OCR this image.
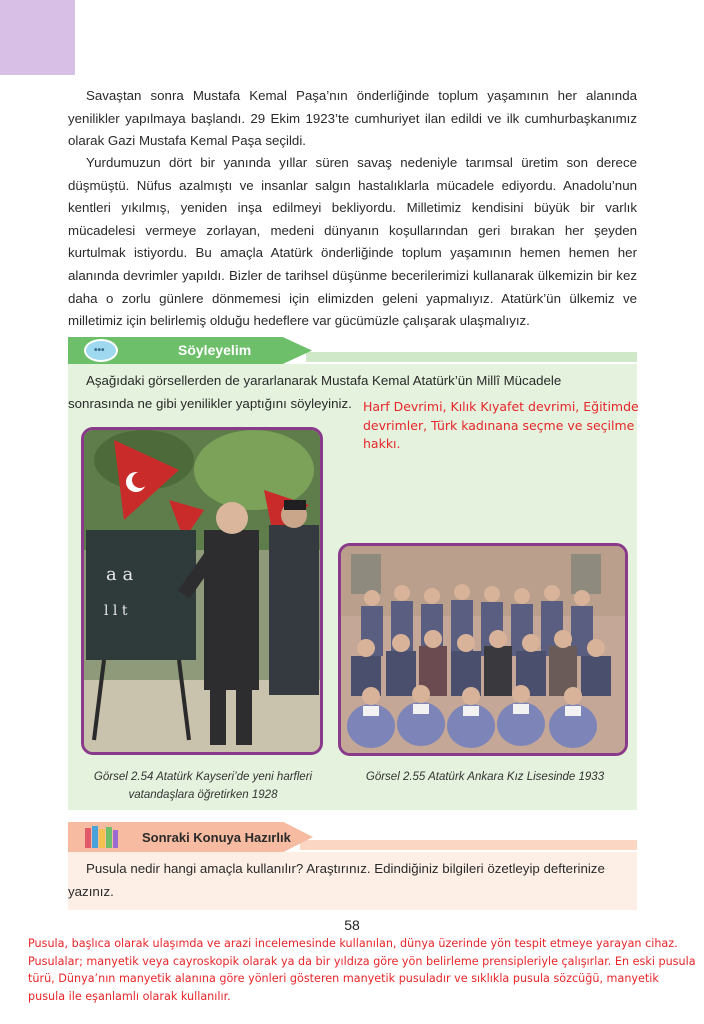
Savaştan sonra Mustafa Kemal Paşa’nın önderliğinde toplum yaşamının her alanında yenilikler yapılmaya başlandı. 29 Ekim 1923’te cumhuriyet ilan edildi ve ilk cumhurbaşkanımız olarak Gazi Mustafa Kemal Paşa seçildi.

Yurdumuzun dört bir yanında yıllar süren savaş nedeniyle tarımsal üretim son derece düşmüştü. Nüfus azalmıştı ve insanlar salgın hastalıklarla mücadele ediyordu. Anadolu’nun kentleri yıkılmış, yeniden inşa edilmeyi bekliyordu. Milletimiz kendisini büyük bir varlık mücadelesi vermeye zorlayan, medeni dünyanın koşullarından geri bırakan her şeyden kurtulmak istiyordu. Bu amaçla Atatürk önderliğinde toplum yaşamının hemen hemen her alanında devrimler yapıldı. Bizler de tarihsel düşünme becerilerimizi kullanarak ülkemizin bir kez daha o zorlu günlere dönmemesi için elimizden geleni yapmalıyız. Atatürk’ün ülkemiz ve milletimiz için belirlemiş olduğu hedeflere var gücümüzle çalışarak ulaşmalıyız.

•••	Söyleyelim

Aşağıdaki görsellerden de yararlanarak Mustafa Kemal Atatürk’ün Millî Mücadele sonrasında ne gibi yenilikler yaptığını söyleyiniz. Harf Devrimi, Kılık Kıyafet devrimi, Eğitimde devrimler, Türk kadınana seçme ve seçilme hakkı.
a a
l l t
Görsel 2.54 Atatürk Kayseri’de yeni harfleri vatandaşlara öğretirken 1928
Görsel 2.55 Atatürk Ankara Kız Lisesinde 1933
Sonraki Konuya Hazırlık

Pusula nedir hangi amaçla kullanılır? Araştırınız. Edindiğiniz bilgileri özetleyip defterinize yazınız.

58

Pusula, başlıca olarak ulaşımda ve arazi incelemesinde kullanılan, dünya üzerinde yön tespit etmeye yarayan cihaz. Pusulalar; manyetik veya cayroskopik olarak ya da bir yıldıza göre yön belirleme prensipleriyle çalışırlar. En eski pusula türü, Dünya’nın manyetik alanına göre yönleri gösteren manyetik pusuladır ve sıklıkla pusula sözcüğü, manyetik pusula ile eşanlamlı olarak kullanılır.
